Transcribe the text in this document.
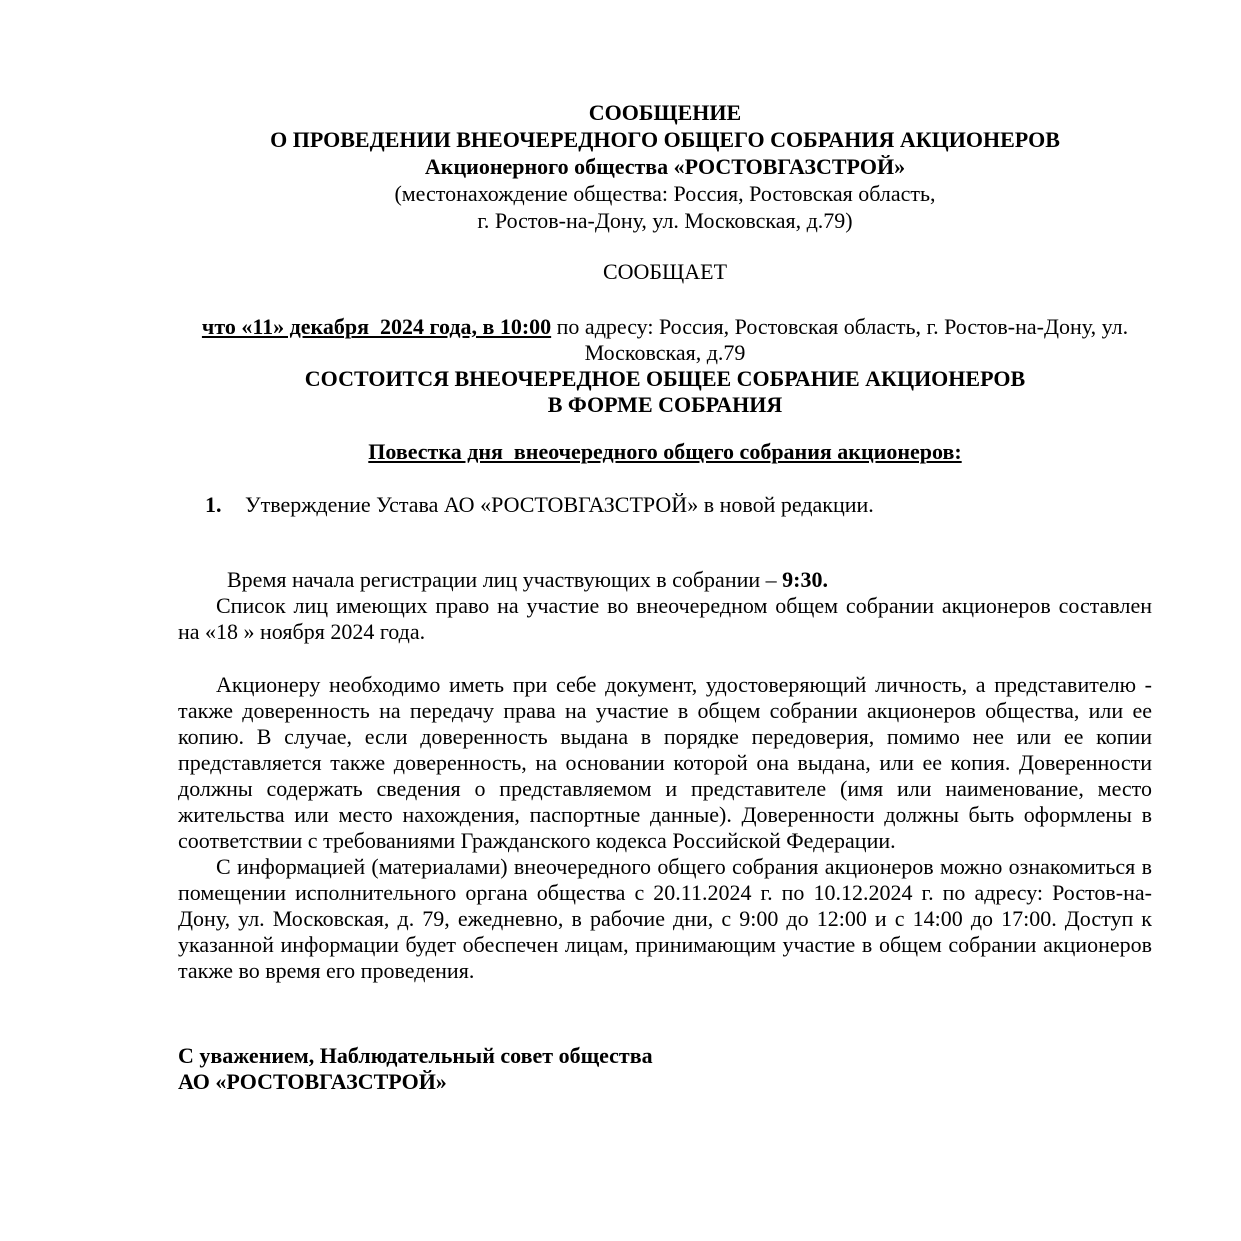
СООБЩЕНИЕ
О ПРОВЕДЕНИИ ВНЕОЧЕРЕДНОГО ОБЩЕГО СОБРАНИЯ АКЦИОНЕРОВ
Акционерного общества «РОСТОВГАЗСТРОЙ»
(местонахождение общества: Россия, Ростовская область,
г. Ростов-на-Дону, ул. Московская, д.79)
СООБЩАЕТ
что «11» декабря  2024 года, в 10:00 по адресу: Россия, Ростовская область, г. Ростов-на-Дону, ул. Московская, д.79
СОСТОИТСЯ ВНЕОЧЕРЕДНОЕ ОБЩЕЕ СОБРАНИЕ АКЦИОНЕРОВ
В ФОРМЕ СОБРАНИЯ
Повестка дня  внеочередного общего собрания акционеров:
1. Утверждение Устава АО «РОСТОВГАЗСТРОЙ» в новой редакции.
Время начала регистрации лиц участвующих в собрании – 9:30.
Список лиц имеющих право на участие во внеочередном общем собрании акционеров составлен на «18 » ноября 2024 года.
Акционеру необходимо иметь при себе документ, удостоверяющий личность, а представителю - также доверенность на передачу права на участие в общем собрании акционеров общества, или ее копию. В случае, если доверенность выдана в порядке передоверия, помимо нее или ее копии представляется также доверенность, на основании которой она выдана, или ее копия. Доверенности должны содержать сведения о представляемом и представителе (имя или наименование, место жительства или место нахождения, паспортные данные). Доверенности должны быть оформлены в соответствии с требованиями Гражданского кодекса Российской Федерации.
С информацией (материалами) внеочередного общего собрания акционеров можно ознакомиться в помещении исполнительного органа общества с 20.11.2024 г. по 10.12.2024 г. по адресу: Ростов-на-Дону, ул. Московская, д. 79, ежедневно, в рабочие дни, с 9:00 до 12:00 и с 14:00 до 17:00. Доступ к указанной информации будет обеспечен лицам, принимающим участие в общем собрании акционеров также во время его проведения.
С уважением, Наблюдательный совет общества
АО «РОСТОВГАЗСТРОЙ»
